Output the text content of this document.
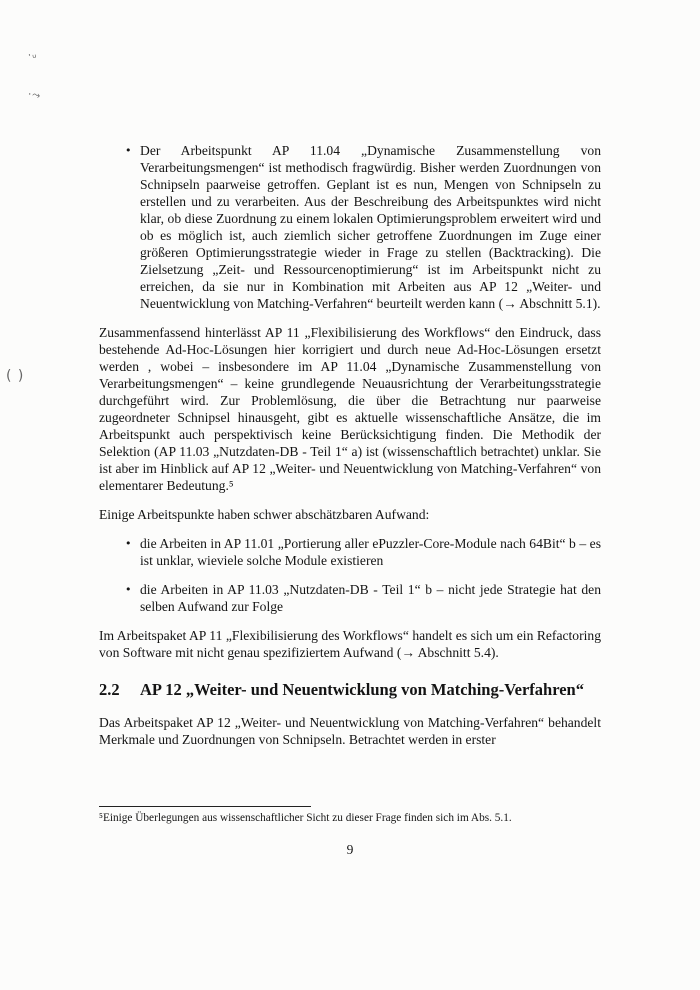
·ᵤ
·⤳
( )
• Der Arbeitspunkt AP 11.04 „Dynamische Zusammenstellung von Verarbeitungsmengen“ ist methodisch fragwürdig. Bisher werden Zuordnungen von Schnipseln paarweise getroffen. Geplant ist es nun, Mengen von Schnipseln zu erstellen und zu verarbeiten. Aus der Beschreibung des Arbeitspunktes wird nicht klar, ob diese Zuordnung zu einem lokalen Optimierungsproblem erweitert wird und ob es möglich ist, auch ziemlich sicher getroffene Zuordnungen im Zuge einer größeren Optimierungsstrategie wieder in Frage zu stellen (Backtracking). Die Zielsetzung „Zeit- und Ressourcenoptimierung“ ist im Arbeitspunkt nicht zu erreichen, da sie nur in Kombination mit Arbeiten aus AP 12 „Weiter- und Neuentwicklung von Matching-Verfahren“ beurteilt werden kann (→ Abschnitt 5.1).

Zusammenfassend hinterlässt AP 11 „Flexibilisierung des Workflows“ den Eindruck, dass bestehende Ad-Hoc-Lösungen hier korrigiert und durch neue Ad-Hoc-Lösungen ersetzt werden , wobei – insbesondere im AP 11.04 „Dynamische Zusammenstellung von Verarbeitungsmengen“ – keine grundlegende Neuausrichtung der Verarbeitungsstrategie durchgeführt wird. Zur Problemlösung, die über die Betrachtung nur paarweise zugeordneter Schnipsel hinausgeht, gibt es aktuelle wissenschaftliche Ansätze, die im Arbeitspunkt auch perspektivisch keine Berücksichtigung finden. Die Methodik der Selektion (AP 11.03 „Nutzdaten-DB - Teil 1“ a) ist (wissenschaftlich betrachtet) unklar. Sie ist aber im Hinblick auf AP 12 „Weiter- und Neuentwicklung von Matching-Verfahren“ von elementarer Bedeutung.⁵

Einige Arbeitspunkte haben schwer abschätzbaren Aufwand:

• die Arbeiten in AP 11.01 „Portierung aller ePuzzler-Core-Module nach 64Bit“ b – es ist unklar, wieviele solche Module existieren
• die Arbeiten in AP 11.03 „Nutzdaten-DB - Teil 1“ b – nicht jede Strategie hat den selben Aufwand zur Folge

Im Arbeitspaket AP 11 „Flexibilisierung des Workflows“ handelt es sich um ein Refactoring von Software mit nicht genau spezifiziertem Aufwand (→ Abschnitt 5.4).

2.2	AP 12 „Weiter- und Neuentwicklung von Matching-Verfahren“

Das Arbeitspaket AP 12 „Weiter- und Neuentwicklung von Matching-Verfahren“ behandelt Merkmale und Zuordnungen von Schnipseln. Betrachtet werden in erster

⁵Einige Überlegungen aus wissenschaftlicher Sicht zu dieser Frage finden sich im Abs. 5.1.
9
